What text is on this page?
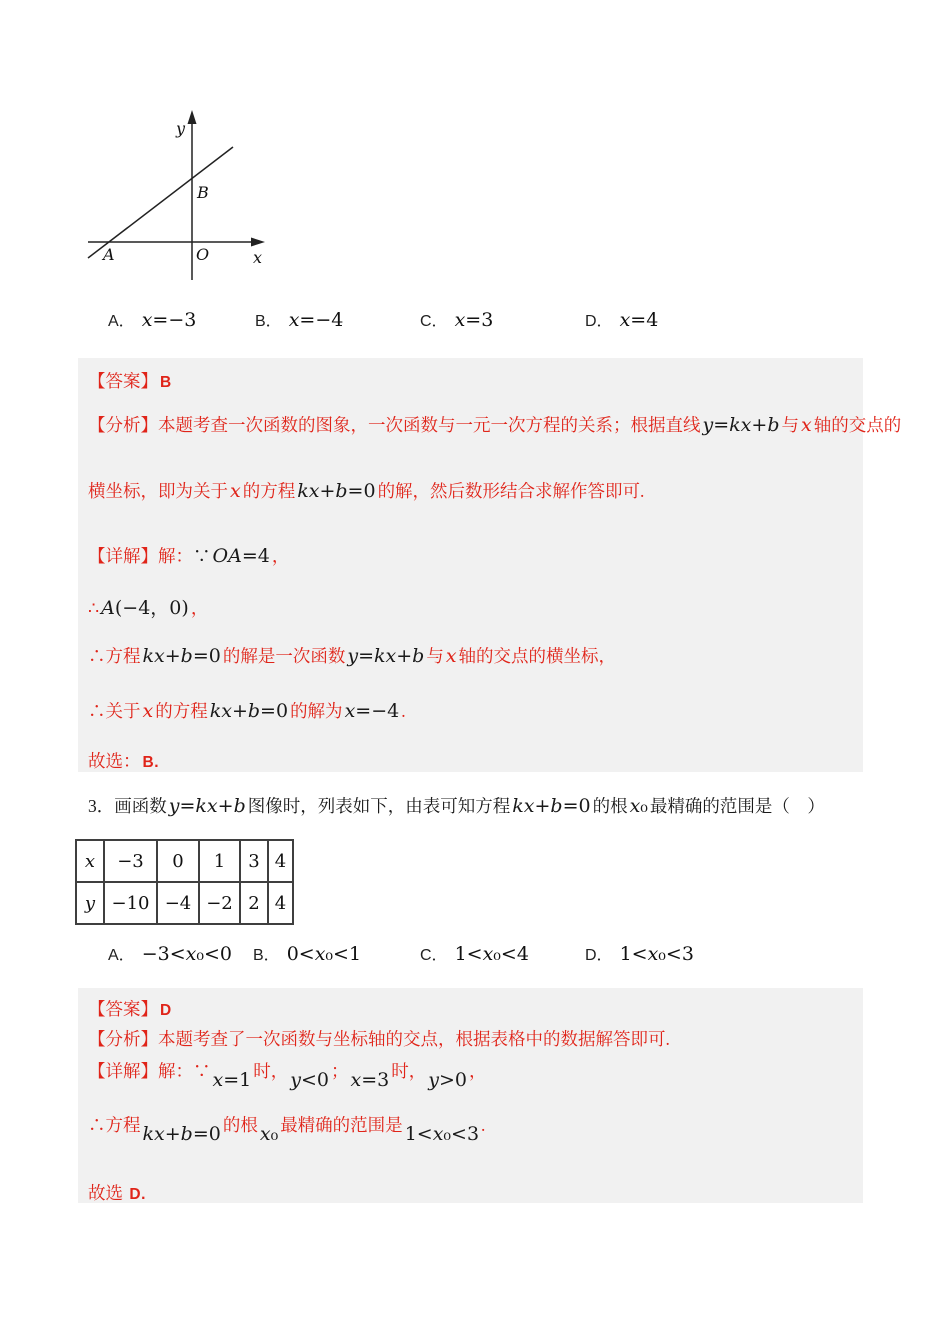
y
x
O
A
B
A． x=−3	B． x=−4	C． x=3	D． x=4
【答案】 B
【分析】本题考查一次函数的图象，一次函数与一元一次方程的关系；根据直线 y=kx+b 与 x 轴的交点的
横坐标，即为关于 x 的方程 kx+b=0 的解，然后数形结合求解作答即可.
【详解】解：∵ OA=4 ，
∴ A(−4，0) ，
∴方程 kx+b=0 的解是一次函数 y=kx+b 与 x 轴的交点的横坐标，
∴关于 x 的方程 kx+b=0 的解为 x=−4 .
故选： B.
3．画函数 y=kx+b 图像时，列表如下，由表可知方程 kx+b=0 的根 x₀ 最精确的范围是（　）
x	−3	0	1	3	4
y	−10	−4	−2	2	4
A． −3<x₀<0 B． 0<x₀<1	C． 1<x₀<4	D． 1<x₀<3
【答案】 D
【分析】本题考查了一次函数与坐标轴的交点，根据表格中的数据解答即可.
【详解】解：∵ x=1 时， y<0 ； x=3 时， y>0 ，
∴方程 kx+b=0 的根 x₀ 最精确的范围是 1<x₀<3 .
故选 D.
